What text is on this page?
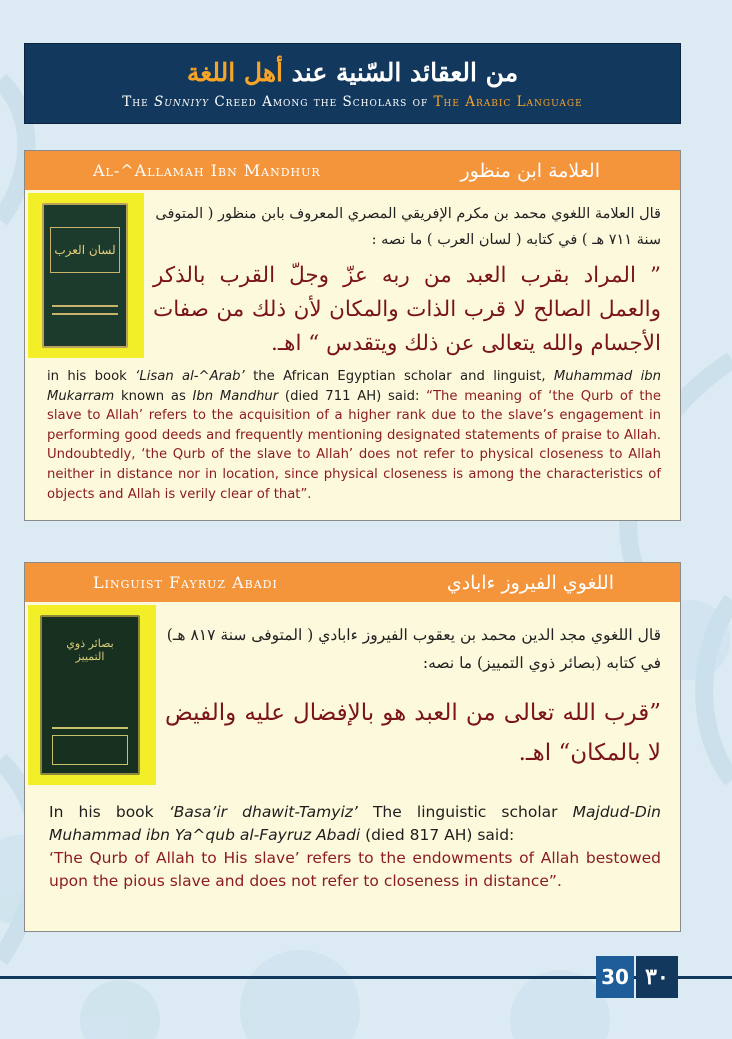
من العقائد السّنية عند أهل اللغة
The Sunniyy Creed Among the Scholars of The Arabic Language
Al-^Allamah Ibn Mandhur	العلامة ابن منظور
لسان العرب
قال العلامة اللغوي محمد بن مكرم الإفريقي المصري المعروف بابن منظور ( المتوفى سنة ٧١١ هـ ) في كتابه ( لسان العرب ) ما نصه :
” المراد بقرب العبد من ربه عزّ وجلّ القرب بالذكر والعمل الصالح لا قرب الذات والمكان لأن ذلك من صفات الأجسام والله يتعالى عن ذلك ويتقدس “ اهـ.
in his book ‘Lisan al-^Arab’ the African Egyptian scholar and linguist, Muhammad ibn Mukarram known as Ibn Mandhur (died 711 AH) said: “The meaning of ‘the Qurb of the slave to Allah’ refers to the acquisition of a higher rank due to the slave’s engagement in performing good deeds and frequently mentioning designated statements of praise to Allah. Undoubtedly, ‘the Qurb of the slave to Allah’ does not refer to physical closeness to Allah neither in distance nor in location, since physical closeness is among the characteristics of objects and Allah is verily clear of that”.
Linguist Fayruz Abadi	اللغوي الفيروز ءابادي
بصائر ذوي التمييز
قال اللغوي مجد الدين محمد بن يعقوب الفيروز ءابادي ( المتوفى سنة ٨١٧ هـ) في كتابه (بصائر ذوي التمييز) ما نصه:
”قرب الله تعالى من العبد هو بالإفضال عليه والفيض لا بالمكان“ اهـ.
In his book ‘Basa’ir dhawit-Tamyiz’ The linguistic scholar Majdud-Din Muhammad ibn Ya^qub al-Fayruz Abadi (died 817 AH) said:
‘The Qurb of Allah to His slave’ refers to the endowments of Allah bestowed upon the pious slave and does not refer to closeness in distance”.
30 ٣٠
